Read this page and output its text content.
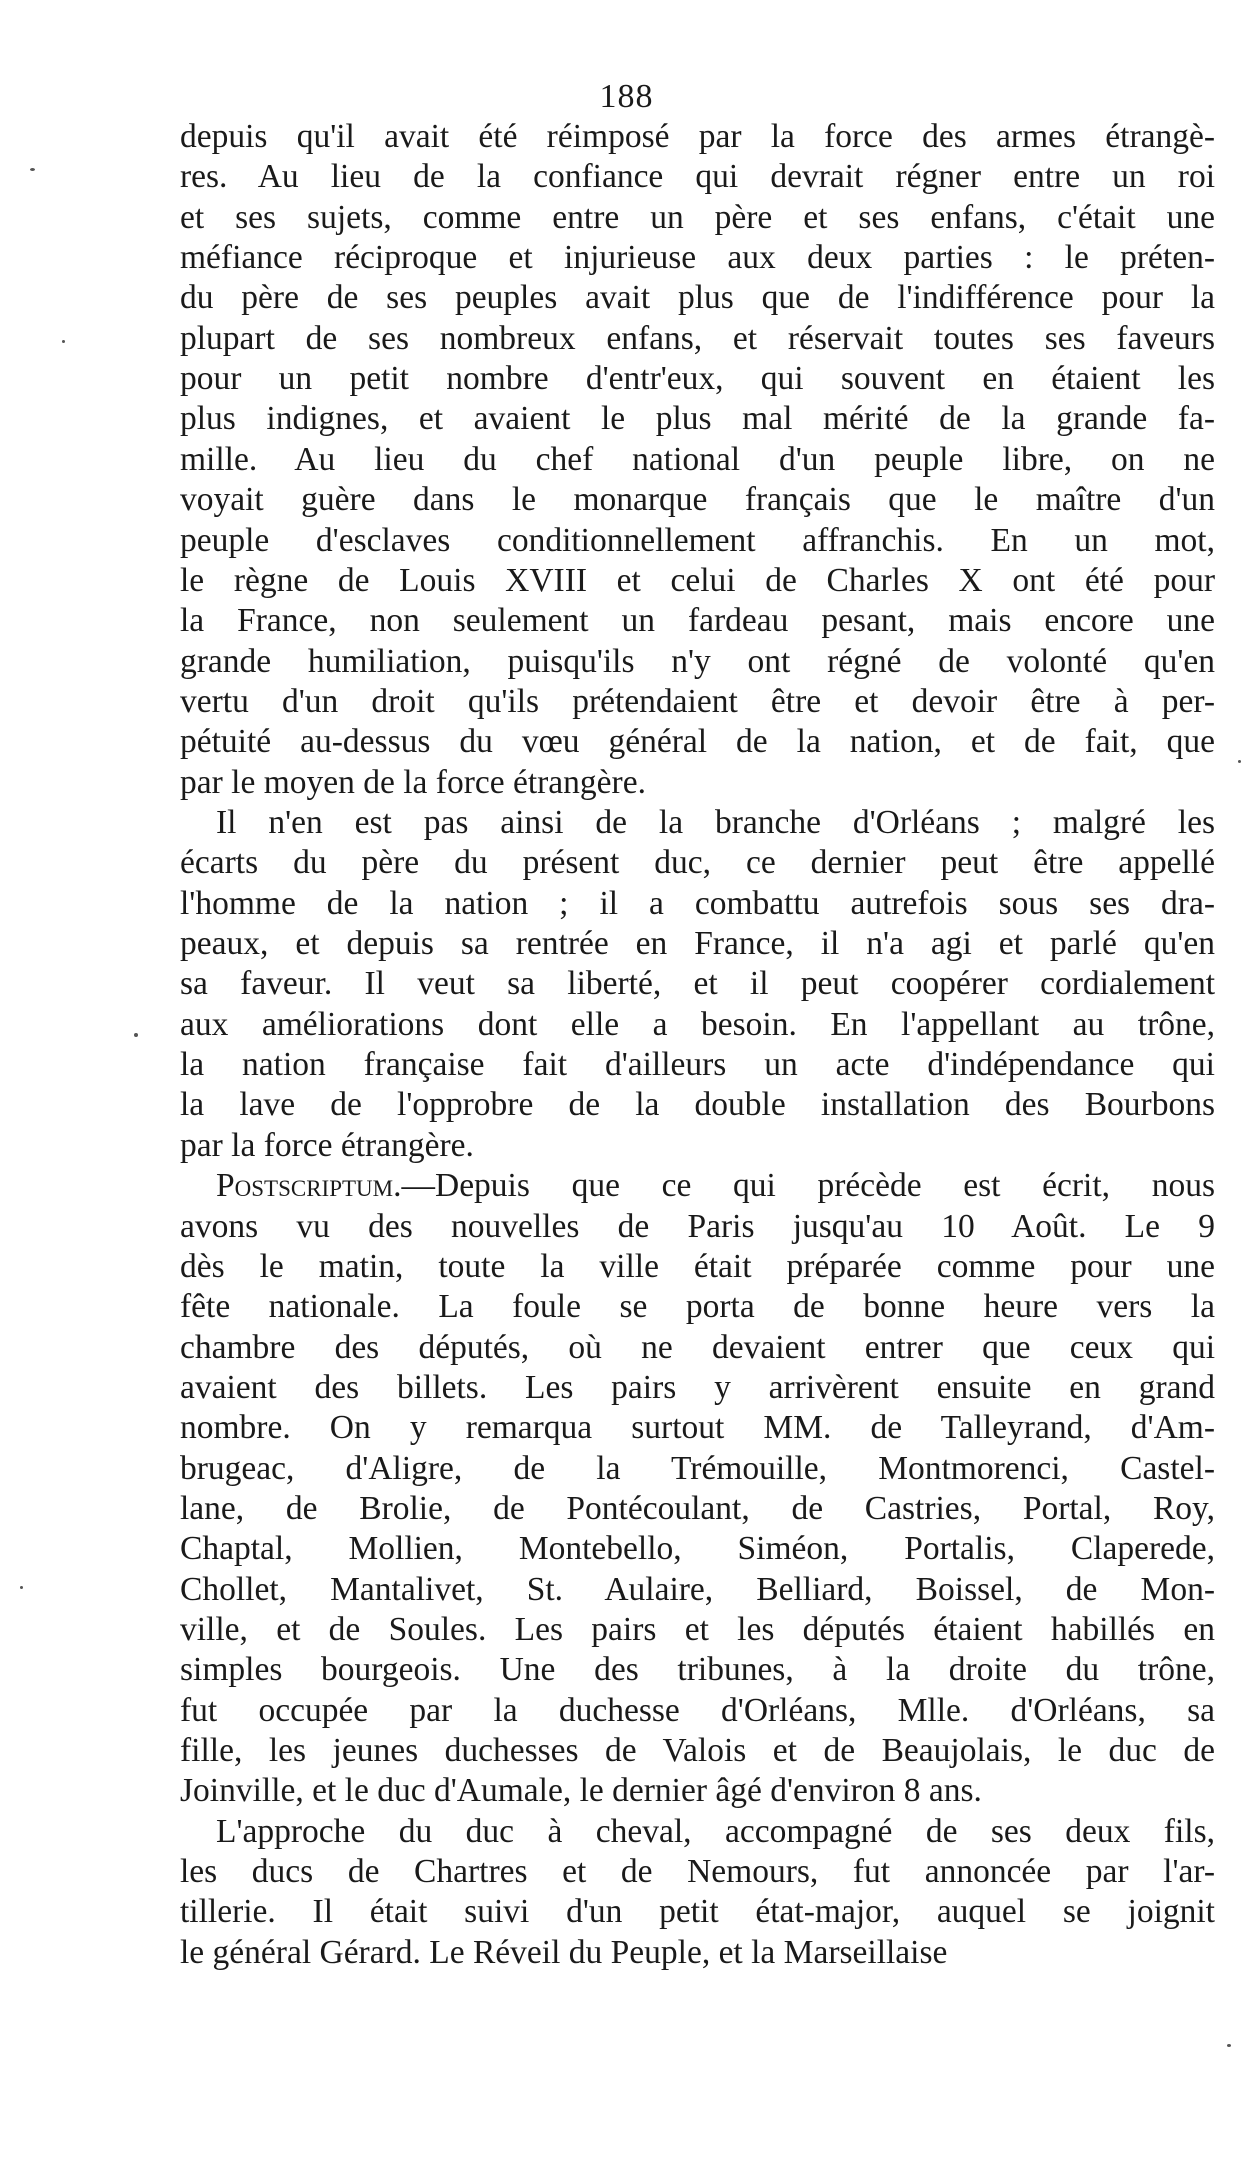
188
depuis qu'il avait été réimposé par la force des armes étrangè-
res. Au lieu de la confiance qui devrait régner entre un roi
et ses sujets, comme entre un père et ses enfans, c'était une
méfiance réciproque et injurieuse aux deux parties : le préten-
du père de ses peuples avait plus que de l'indifférence pour la
plupart de ses nombreux enfans, et réservait toutes ses faveurs
pour un petit nombre d'entr'eux, qui souvent en étaient les
plus indignes, et avaient le plus mal mérité de la grande fa-
mille. Au lieu du chef national d'un peuple libre, on ne
voyait guère dans le monarque français que le maître d'un
peuple d'esclaves conditionnellement affranchis. En un mot,
le règne de Louis XVIII et celui de Charles X ont été pour
la France, non seulement un fardeau pesant, mais encore une
grande humiliation, puisqu'ils n'y ont régné de volonté qu'en
vertu d'un droit qu'ils prétendaient être et devoir être à per-
pétuité au-dessus du vœu général de la nation, et de fait, que
par le moyen de la force étrangère.
Il n'en est pas ainsi de la branche d'Orléans ; malgré les
écarts du père du présent duc, ce dernier peut être appellé
l'homme de la nation ; il a combattu autrefois sous ses dra-
peaux, et depuis sa rentrée en France, il n'a agi et parlé qu'en
sa faveur. Il veut sa liberté, et il peut coopérer cordialement
aux améliorations dont elle a besoin. En l'appellant au trône,
la nation française fait d'ailleurs un acte d'indépendance qui
la lave de l'opprobre de la double installation des Bourbons
par la force étrangère.
Postscriptum.—Depuis que ce qui précède est écrit, nous
avons vu des nouvelles de Paris jusqu'au 10 Août. Le 9
dès le matin, toute la ville était préparée comme pour une
fête nationale. La foule se porta de bonne heure vers la
chambre des députés, où ne devaient entrer que ceux qui
avaient des billets. Les pairs y arrivèrent ensuite en grand
nombre. On y remarqua surtout MM. de Talleyrand, d'Am-
brugeac, d'Aligre, de la Trémouille, Montmorenci, Castel-
lane, de Brolie, de Pontécoulant, de Castries, Portal, Roy,
Chaptal, Mollien, Montebello, Siméon, Portalis, Claperede,
Chollet, Mantalivet, St. Aulaire, Belliard, Boissel, de Mon-
ville, et de Soules. Les pairs et les députés étaient habillés en
simples bourgeois. Une des tribunes, à la droite du trône,
fut occupée par la duchesse d'Orléans, Mlle. d'Orléans, sa
fille, les jeunes duchesses de Valois et de Beaujolais, le duc de
Joinville, et le duc d'Aumale, le dernier âgé d'environ 8 ans.
L'approche du duc à cheval, accompagné de ses deux fils,
les ducs de Chartres et de Nemours, fut annoncée par l'ar-
tillerie. Il était suivi d'un petit état-major, auquel se joignit
le général Gérard. Le Réveil du Peuple, et la Marseillaise
